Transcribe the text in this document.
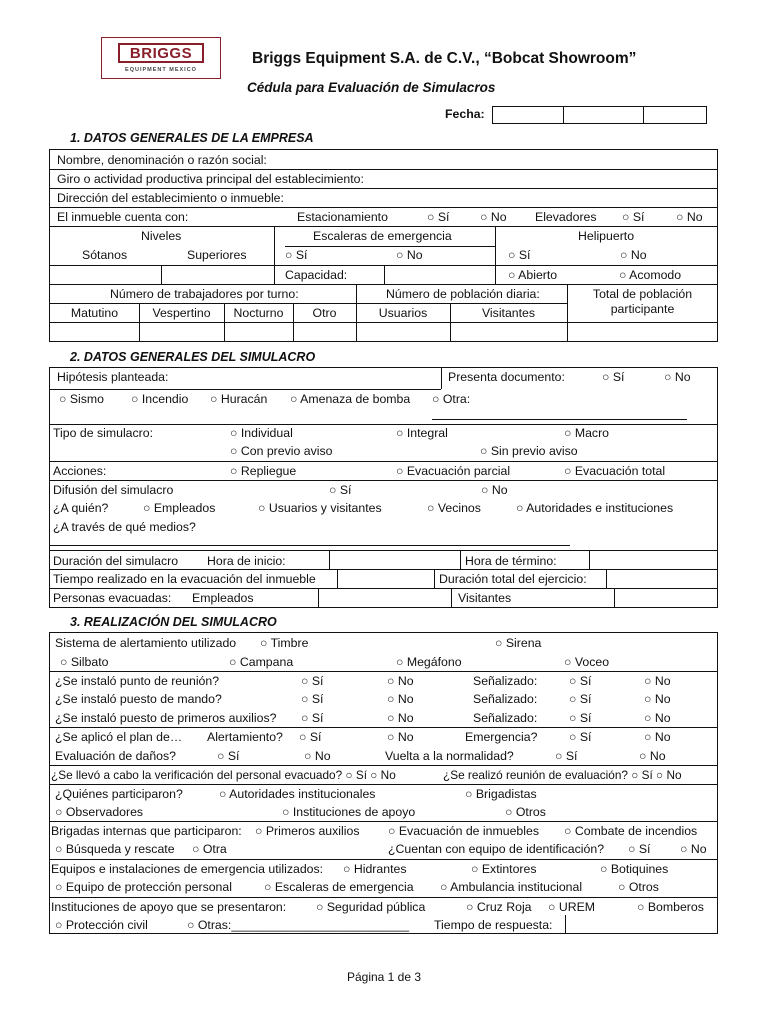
BRIGGS
EQUIPMENT MEXICO
Briggs Equipment S.A. de C.V., “Bobcat Showroom”
Cédula para Evaluación de Simulacros
Fecha:
1. DATOS GENERALES DE LA EMPRESA
Nombre, denominación o razón social:
Giro o actividad productiva principal del establecimiento:
Dirección del establecimiento o inmueble:
El inmueble cuenta con:	Estacionamiento	○ Sí ○ No Elevadores ○ Sí	○ No
Niveles	Escaleras de emergencia	Helipuerto
Sótanos	Superiores	○ Sí	○ No	○ Sí	○ No
Capacidad:	○ Abierto	○ Acomodo
Número de trabajadores por turno:	Número de población diaria:	Total de población
participante
Matutino	Vespertino	Nocturno	Otro	Usuarios	Visitantes
2. DATOS GENERALES DEL SIMULACRO
Hipótesis planteada:	Presenta documento:	○ Sí	○ No
○ Sismo ○ Incendio ○ Huracán ○ Amenaza de bomba ○ Otra:
Tipo de simulacro:	○ Individual	○ Integral	○ Macro
○ Con previo aviso	○ Sin previo aviso
Acciones:	○ Repliegue	○ Evacuación parcial	○ Evacuación total
Difusión del simulacro	○ Sí	○ No
¿A quién?	○ Empleados	○ Usuarios y visitantes	○ Vecinos	○ Autoridades e instituciones
¿A través de qué medios?
Duración del simulacro Hora de inicio:	Hora de término:
Tiempo realizado en la evacuación del inmueble	Duración total del ejercicio:
Personas evacuadas: Empleados	Visitantes
3. REALIZACIÓN DEL SIMULACRO
Sistema de alertamiento utilizado ○ Timbre	○ Sirena
○ Silbato	○ Campana	○ Megáfono	○ Voceo
¿Se instaló punto de reunión?	○ Sí	○ No	Señalizado:	○ Sí	○ No
¿Se instaló puesto de mando?	○ Sí	○ No	Señalizado:	○ Sí	○ No
¿Se instaló puesto de primeros auxilios? ○ Sí	○ No	Señalizado:	○ Sí	○ No
¿Se aplicó el plan de… Alertamiento? ○ Sí	○ No	Emergencia?	○ Sí	○ No
Evaluación de daños?	○ Sí	○ No	Vuelta a la normalidad?	○ Sí	○ No
¿Se llevó a cabo la verificación del personal evacuado? ○ Sí ○ No	¿Se realizó reunión de evaluación? ○ Sí ○ No
¿Quiénes participaron?	○ Autoridades institucionales	○ Brigadistas
○ Observadores	○ Instituciones de apoyo	○ Otros
Brigadas internas que participaron: ○ Primeros auxilios ○ Evacuación de inmuebles ○ Combate de incendios
○ Búsqueda y rescate ○ Otra	¿Cuentan con equipo de identificación? ○ Sí ○ No
Equipos e instalaciones de emergencia utilizados: ○ Hidrantes	○ Extintores	○ Botiquines
○ Equipo de protección personal	○ Escaleras de emergencia ○ Ambulancia institucional	○ Otros
Instituciones de apoyo que se presentaron: ○ Seguridad pública	○ Cruz Roja ○ UREM	○ Bomberos
○ Protección civil	○ Otras:__________________________ Tiempo de respuesta:
Página 1 de 3
